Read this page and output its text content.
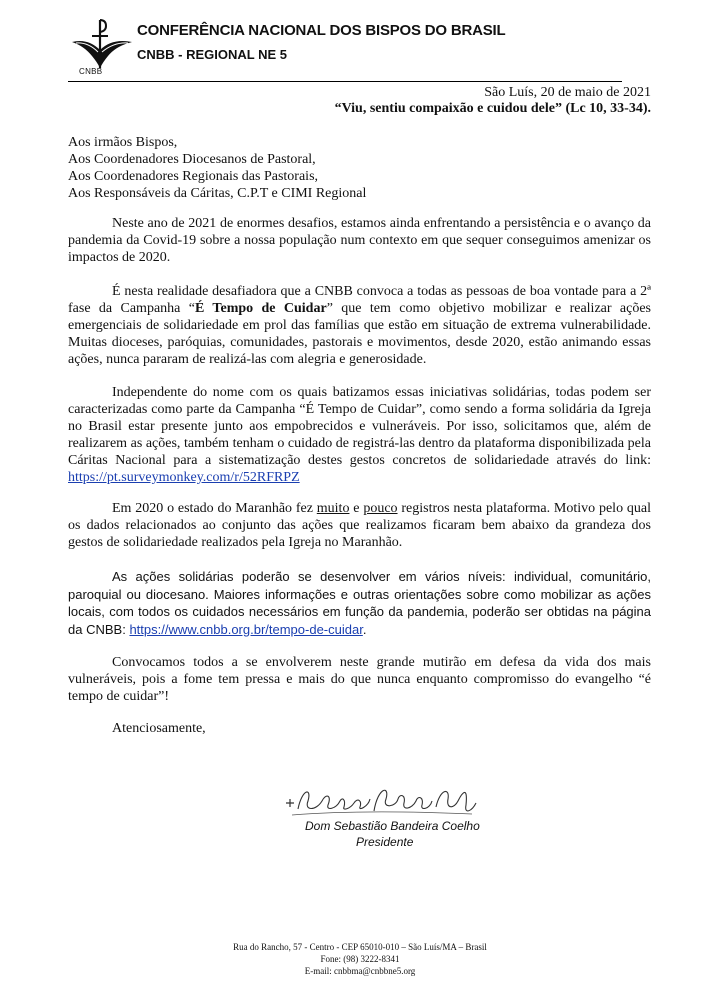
CNBB
CONFERÊNCIA NACIONAL DOS BISPOS DO BRASIL
CNBB - REGIONAL NE 5
São Luís, 20 de maio de 2021
“Viu, sentiu compaixão e cuidou dele” (Lc 10, 33-34).
Aos irmãos Bispos,
Aos Coordenadores Diocesanos de Pastoral,
Aos Coordenadores Regionais das Pastorais,
Aos Responsáveis da Cáritas, C.P.T e CIMI Regional

Neste ano de 2021 de enormes desafios, estamos ainda enfrentando a persistência e o avanço da pandemia da Covid-19 sobre a nossa população num contexto em que sequer conseguimos amenizar os impactos de 2020.

É nesta realidade desafiadora que a CNBB convoca a todas as pessoas de boa vontade para a 2ª fase da Campanha “É Tempo de Cuidar” que tem como objetivo mobilizar e realizar ações emergenciais de solidariedade em prol das famílias que estão em situação de extrema vulnerabilidade. Muitas dioceses, paróquias, comunidades, pastorais e movimentos, desde 2020, estão animando essas ações, nunca pararam de realizá-las com alegria e generosidade.

Independente do nome com os quais batizamos essas iniciativas solidárias, todas podem ser caracterizadas como parte da Campanha “É Tempo de Cuidar”, como sendo a forma solidária da Igreja no Brasil estar presente junto aos empobrecidos e vulneráveis. Por isso, solicitamos que, além de realizarem as ações, também tenham o cuidado de registrá-las dentro da plataforma disponibilizada pela Cáritas Nacional para a sistematização destes gestos concretos de solidariedade através do link: https://pt.surveymonkey.com/r/52RFRPZ

Em 2020 o estado do Maranhão fez muito e pouco registros nesta plataforma. Motivo pelo qual os dados relacionados ao conjunto das ações que realizamos ficaram bem abaixo da grandeza dos gestos de solidariedade realizados pela Igreja no Maranhão.

As ações solidárias poderão se desenvolver em vários níveis: individual, comunitário, paroquial ou diocesano. Maiores informações e outras orientações sobre como mobilizar as ações locais, com todos os cuidados necessários em função da pandemia, poderão ser obtidas na página da CNBB: https://www.cnbb.org.br/tempo-de-cuidar.

Convocamos todos a se envolverem neste grande mutirão em defesa da vida dos mais vulneráveis, pois a fome tem pressa e mais do que nunca enquanto compromisso do evangelho “é tempo de cuidar”!

Atenciosamente,

Dom Sebastião Bandeira Coelho
Presidente
Rua do Rancho, 57 - Centro - CEP 65010-010 – São Luís/MA – Brasil
Fone: (98) 3222-8341
E-mail: cnbbma@cnbbne5.org
